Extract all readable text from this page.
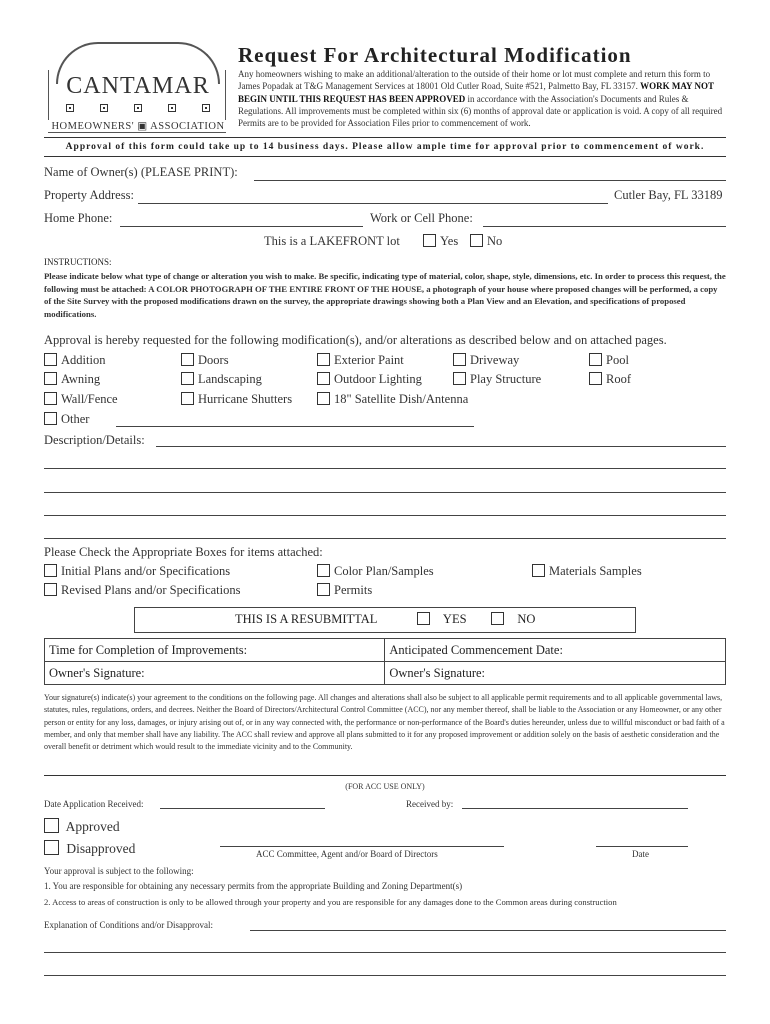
CANTAMAR
HOMEOWNERS' ▣ ASSOCIATION
Request For Architectural Modification
Any homeowners wishing to make an additional/alteration to the outside of their home or lot must complete and return this form to James Popadak at T&G Management Services at 18001 Old Cutler Road, Suite #521, Palmetto Bay, FL 33157. WORK MAY NOT BEGIN UNTIL THIS REQUEST HAS BEEN APPROVED in accordance with the Association's Documents and Rules & Regulations. All improvements must be completed within six (6) months of approval date or application is void. A copy of all required Permits are to be provided for Association Files prior to commencement of work.
Approval of this form could take up to 14 business days. Please allow ample time for approval prior to commencement of work.
Name of Owner(s) (PLEASE PRINT):
Property Address:	Cutler Bay, FL 33189
Home Phone:	Work or Cell Phone:
This is a LAKEFRONT lot	Yes	No
INSTRUCTIONS:
Please indicate below what type of change or alteration you wish to make. Be specific, indicating type of material, color, shape, style, dimensions, etc. In order to process this request, the following must be attached: A COLOR PHOTOGRAPH OF THE ENTIRE FRONT OF THE HOUSE, a photograph of your house where proposed changes will be performed, a copy of the Site Survey with the proposed modifications drawn on the survey, the appropriate drawings showing both a Plan View and an Elevation, and specifications of proposed modifications.
Approval is hereby requested for the following modification(s), and/or alterations as described below and on attached pages.
Addition	Doors	Exterior Paint	Driveway	Pool
Awning	Landscaping	Outdoor Lighting	Play Structure	Roof
Wall/Fence	Hurricane Shutters	18" Satellite Dish/Antenna
Other
Description/Details:
Please Check the Appropriate Boxes for items attached:
Initial Plans and/or Specifications	Color Plan/Samples	Materials Samples
Revised Plans and/or Specifications	Permits
THIS IS A RESUBMITTAL	YES	NO
Time for Completion of Improvements:	Anticipated Commencement Date:
Owner's Signature:	Owner's Signature:
Your signature(s) indicate(s) your agreement to the conditions on the following page. All changes and alterations shall also be subject to all applicable permit requirements and to all applicable governmental laws, statutes, rules, regulations, orders, and decrees. Neither the Board of Directors/Architectural Control Committee (ACC), nor any member thereof, shall be liable to the Association or any Homeowner, or any other person or entity for any loss, damages, or injury arising out of, or in any way connected with, the performance or non-performance of the Board's duties hereunder, unless due to willful misconduct or bad faith of a member, and only that member shall have any liability. The ACC shall review and approve all plans submitted to it for any proposed improvement or addition solely on the basis of aesthetic consideration and the overall benefit or detriment which would result to the immediate vicinity and to the Community.
(FOR ACC USE ONLY)
Date Application Received:	Received by:
Approved
Disapproved	ACC Committee, Agent and/or Board of Directors	Date
Your approval is subject to the following:
1. You are responsible for obtaining any necessary permits from the appropriate Building and Zoning Department(s)
2. Access to areas of construction is only to be allowed through your property and you are responsible for any damages done to the Common areas during construction
Explanation of Conditions and/or Disapproval:
